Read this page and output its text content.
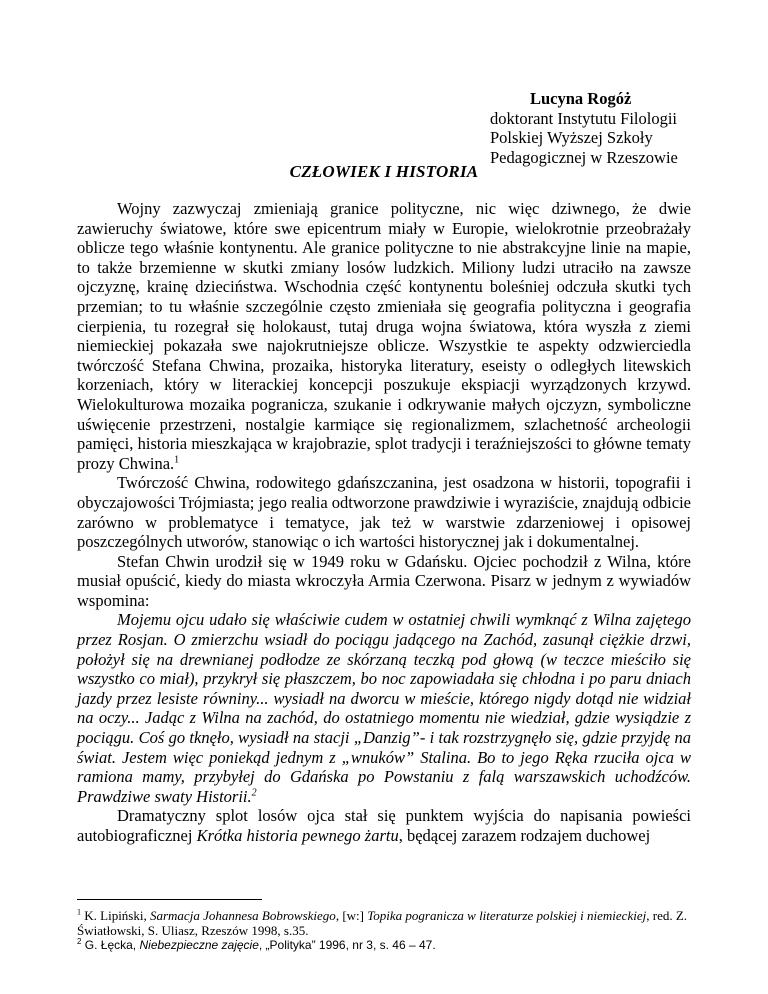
Lucyna Rogóż
doktorant Instytutu Filologii
Polskiej Wyższej Szkoły
Pedagogicznej w Rzeszowie
CZŁOWIEK I HISTORIA

Wojny zazwyczaj zmieniają granice polityczne, nic więc dziwnego, że dwie zawieruchy światowe, które swe epicentrum miały w Europie, wielokrotnie przeobrażały oblicze tego właśnie kontynentu. Ale granice polityczne to nie abstrakcyjne linie na mapie, to także brzemienne w skutki zmiany losów ludzkich. Miliony ludzi utraciło na zawsze ojczyznę, krainę dzieciństwa. Wschodnia część kontynentu boleśniej odczuła skutki tych przemian; to tu właśnie szczególnie często zmieniała się geografia polityczna i geografia cierpienia, tu rozegrał się holokaust, tutaj druga wojna światowa, która wyszła z ziemi niemieckiej pokazała swe najokrutniejsze oblicze. Wszystkie te aspekty odzwierciedla twórczość Stefana Chwina, prozaika, historyka literatury, eseisty o odległych litewskich korzeniach, który w literackiej koncepcji poszukuje ekspiacji wyrządzonych krzywd. Wielokulturowa mozaika pogranicza, szukanie i odkrywanie małych ojczyzn, symboliczne uświęcenie przestrzeni, nostalgie karmiące się regionalizmem, szlachetność archeologii pamięci, historia mieszkająca w krajobrazie, splot tradycji i teraźniejszości to główne tematy prozy Chwina.$^1$

Twórczość Chwina, rodowitego gdańszczanina, jest osadzona w historii, topografii i obyczajowości Trójmiasta; jego realia odtworzone prawdziwie i wyraziście, znajdują odbicie zarówno w problematyce i tematyce, jak też w warstwie zdarzeniowej i opisowej poszczególnych utworów, stanowiąc o ich wartości historycznej jak i dokumentalnej.

Stefan Chwin urodził się w 1949 roku w Gdańsku. Ojciec pochodził z Wilna, które musiał opuścić, kiedy do miasta wkroczyła Armia Czerwona. Pisarz w jednym z wywiadów wspomina:

Mojemu ojcu udało się właściwie cudem w ostatniej chwili wymknąć z Wilna zajętego przez Rosjan. O zmierzchu wsiadł do pociągu jadącego na Zachód, zasunął ciężkie drzwi, położył się na drewnianej podłodze ze skórzaną teczką pod głową (w teczce mieściło się wszystko co miał), przykrył się płaszczem, bo noc zapowiadała się chłodna i po paru dniach jazdy przez lesiste równiny... wysiadł na dworcu w mieście, którego nigdy dotąd nie widział na oczy... Jadąc z Wilna na zachód, do ostatniego momentu nie wiedział, gdzie wysiądzie z pociągu. Coś go tknęło, wysiadł na stacji „Danzig”- i tak rozstrzygnęło się, gdzie przyjdę na świat. Jestem więc poniekąd jednym z „wnuków” Stalina. Bo to jego Ręka rzuciła ojca w ramiona mamy, przybyłej do Gdańska po Powstaniu z falą warszawskich uchodźców. Prawdziwe swaty Historii.$^2$

Dramatyczny splot losów ojca stał się punktem wyjścia do napisania powieści autobiograficznej Krótka historia pewnego żartu, będącej zarazem rodzajem duchowej

$^1$ K. Lipiński, Sarmacja Johannesa Bobrowskiego, [w:] Topika pogranicza w literaturze polskiej i niemieckiej, red. Z. Światłowski, S. Uliasz, Rzeszów 1998, s.35.
$^2$ G. Łęcka, Niebezpieczne zajęcie, „Polityka” 1996, nr 3, s. 46 – 47.
